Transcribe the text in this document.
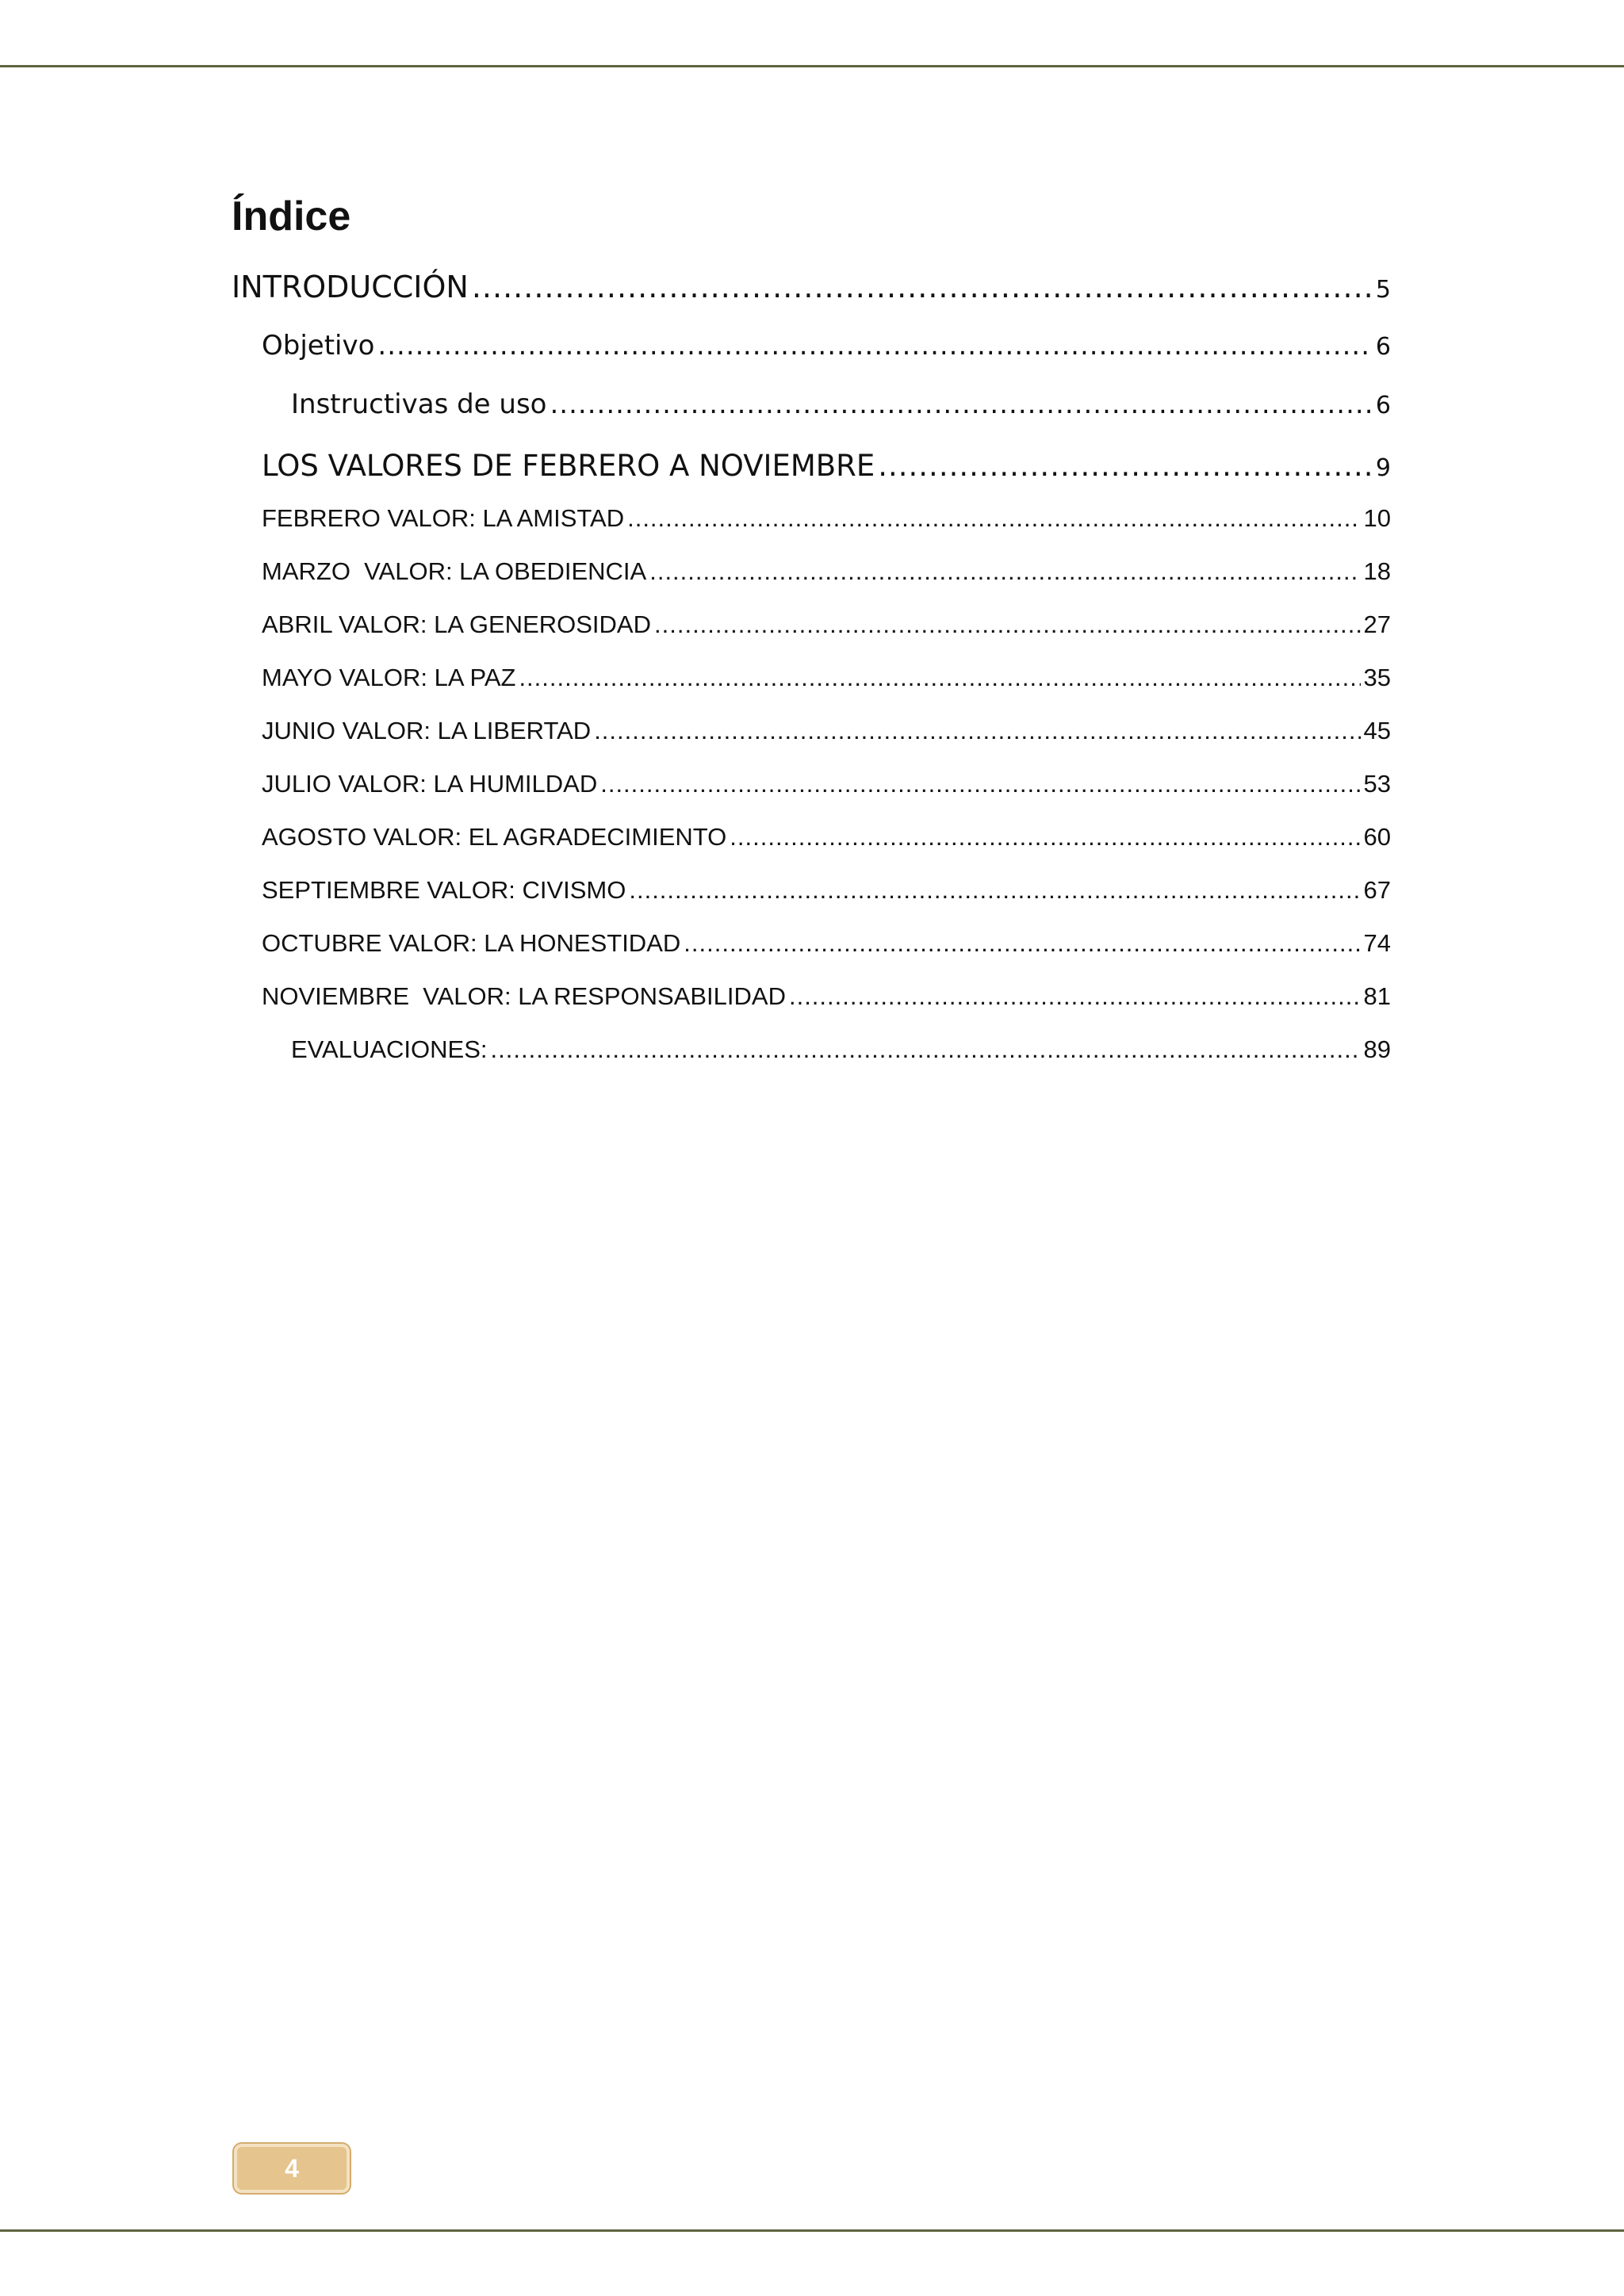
Índice
INTRODUCCIÓN .....	5
Objetivo .....	6
Instructivas de uso .....	6
LOS VALORES DE FEBRERO A NOVIEMBRE .....	9
FEBRERO VALOR: LA AMISTAD .....	10
MARZO  VALOR: LA OBEDIENCIA .....	18
ABRIL VALOR: LA GENEROSIDAD .....	27
MAYO VALOR: LA PAZ .....	35
JUNIO VALOR: LA LIBERTAD .....	45
JULIO VALOR: LA HUMILDAD .....	53
AGOSTO VALOR: EL AGRADECIMIENTO .....	60
SEPTIEMBRE VALOR: CIVISMO .....	67
OCTUBRE VALOR: LA HONESTIDAD .....	74
NOVIEMBRE  VALOR: LA RESPONSABILIDAD .....	81
EVALUACIONES: .....	89
4
